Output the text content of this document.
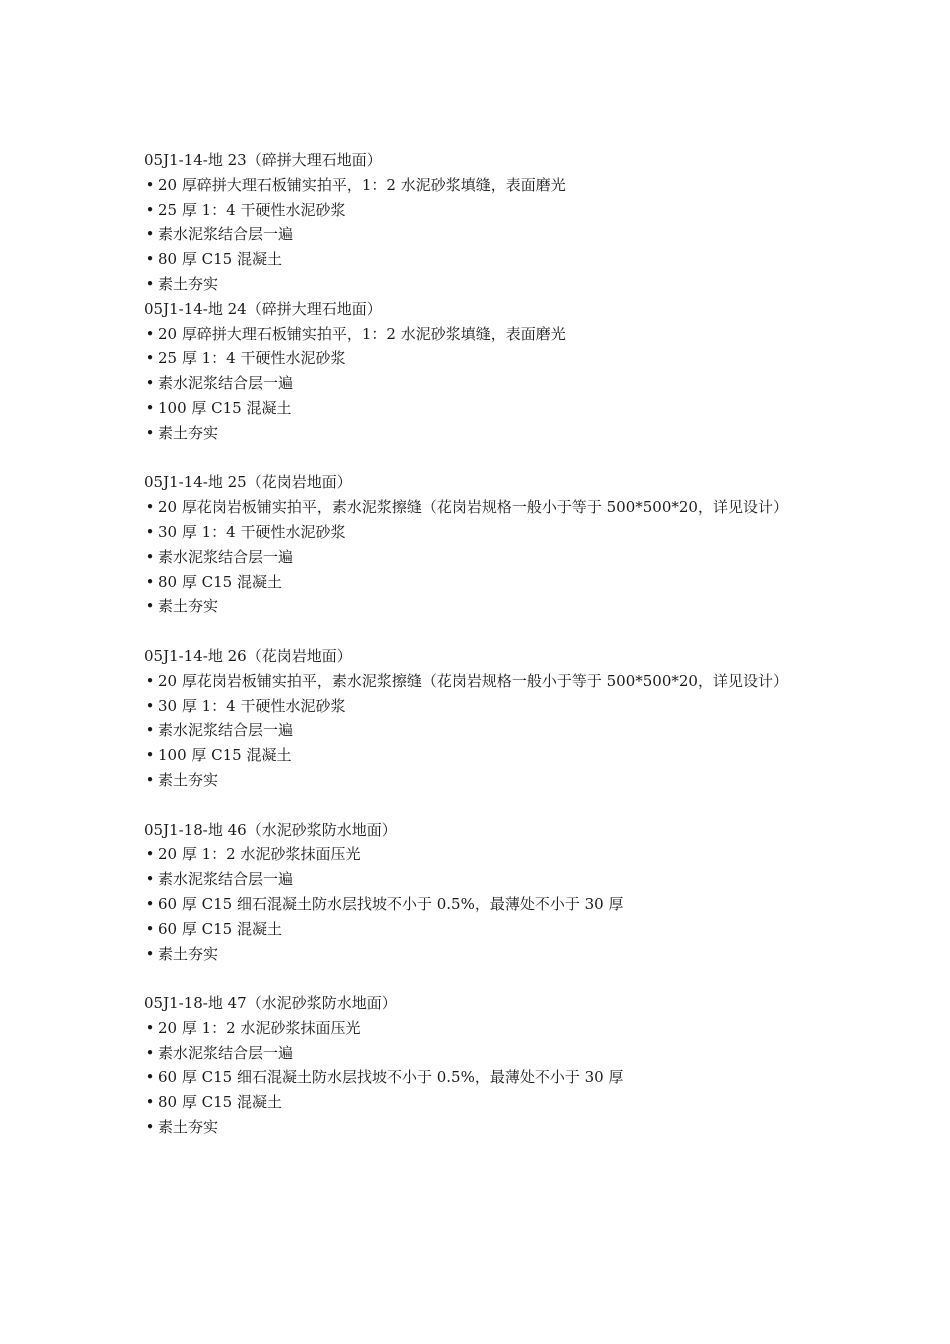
05J1-14-地 23（碎拼大理石地面）

• 20 厚碎拼大理石板铺实拍平，1：2 水泥砂浆填缝，表面磨光

• 25 厚 1：4 干硬性水泥砂浆

• 素水泥浆结合层一遍

• 80 厚 C15 混凝土

• 素土夯实

05J1-14-地 24（碎拼大理石地面）

• 20 厚碎拼大理石板铺实拍平，1：2 水泥砂浆填缝，表面磨光

• 25 厚 1：4 干硬性水泥砂浆

• 素水泥浆结合层一遍

• 100 厚 C15 混凝土

• 素土夯实

05J1-14-地 25（花岗岩地面）

• 20 厚花岗岩板铺实拍平，素水泥浆擦缝（花岗岩规格一般小于等于 500*500*20，详见设计）

• 30 厚 1：4 干硬性水泥砂浆

• 素水泥浆结合层一遍

• 80 厚 C15 混凝土

• 素土夯实

05J1-14-地 26（花岗岩地面）

• 20 厚花岗岩板铺实拍平，素水泥浆擦缝（花岗岩规格一般小于等于 500*500*20，详见设计）

• 30 厚 1：4 干硬性水泥砂浆

• 素水泥浆结合层一遍

• 100 厚 C15 混凝土

• 素土夯实

05J1-18-地 46（水泥砂浆防水地面）

• 20 厚 1：2 水泥砂浆抹面压光

• 素水泥浆结合层一遍

• 60 厚 C15 细石混凝土防水层找坡不小于 0.5%，最薄处不小于 30 厚

• 60 厚 C15 混凝土

• 素土夯实

05J1-18-地 47（水泥砂浆防水地面）

• 20 厚 1：2 水泥砂浆抹面压光

• 素水泥浆结合层一遍

• 60 厚 C15 细石混凝土防水层找坡不小于 0.5%，最薄处不小于 30 厚

• 80 厚 C15 混凝土

• 素土夯实
